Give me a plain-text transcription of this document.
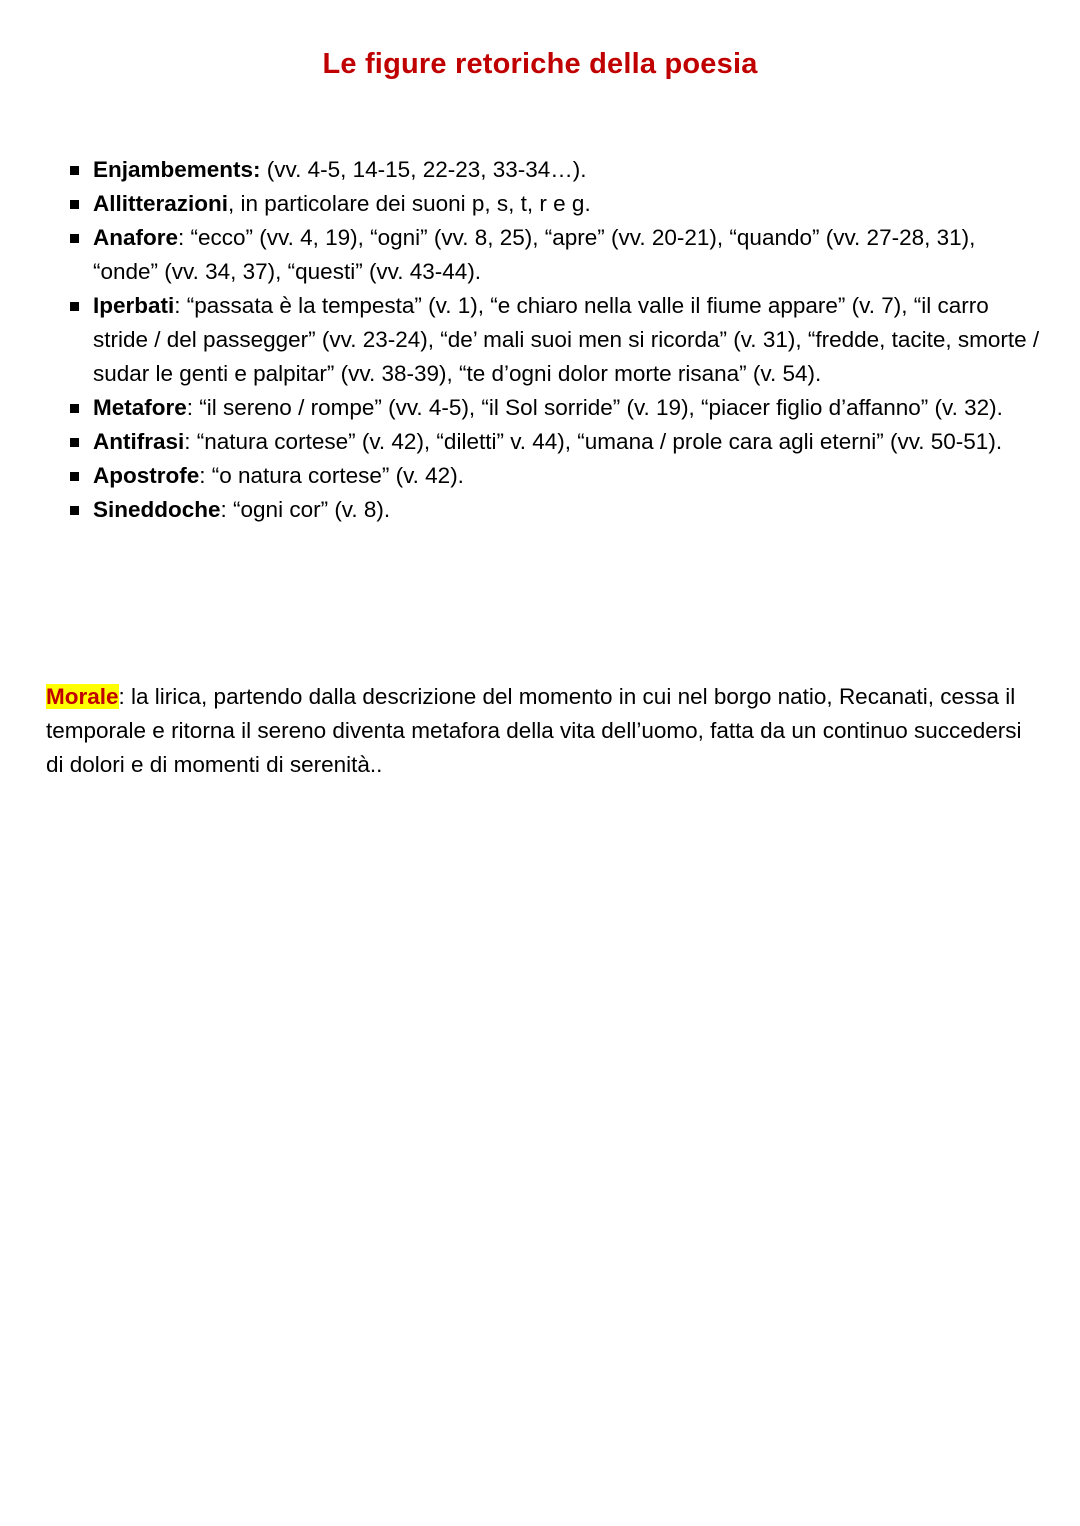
Le figure retoriche della poesia
Enjambements: (vv. 4-5, 14-15, 22-23, 33-34…).
Allitterazioni, in particolare dei suoni p, s, t, r e g.
Anafore: “ecco” (vv. 4, 19), “ogni” (vv. 8, 25), “apre” (vv. 20-21), “quando” (vv. 27-28, 31), “onde” (vv. 34, 37), “questi” (vv. 43-44).
Iperbati: “passata è la tempesta” (v. 1), “e chiaro nella valle il fiume appare” (v. 7), “il carro stride / del passegger” (vv. 23-24), “de’ mali suoi men si ricorda” (v. 31), “fredde, tacite, smorte / sudar le genti e palpitar” (vv. 38-39), “te d’ogni dolor morte risana” (v. 54).
Metafore: “il sereno / rompe” (vv. 4-5), “il Sol sorride” (v. 19), “piacer figlio d’affanno” (v. 32).
Antifrasi: “natura cortese” (v. 42), “diletti” v. 44), “umana / prole cara agli eterni” (vv. 50-51).
Apostrofe: “o natura cortese” (v. 42).
Sineddoche: “ogni cor” (v. 8).

Morale: la lirica, partendo dalla descrizione del momento in cui nel borgo natio, Recanati, cessa il temporale e ritorna il sereno diventa metafora della vita dell’uomo, fatta da un continuo succedersi di dolori e di momenti di serenità..
